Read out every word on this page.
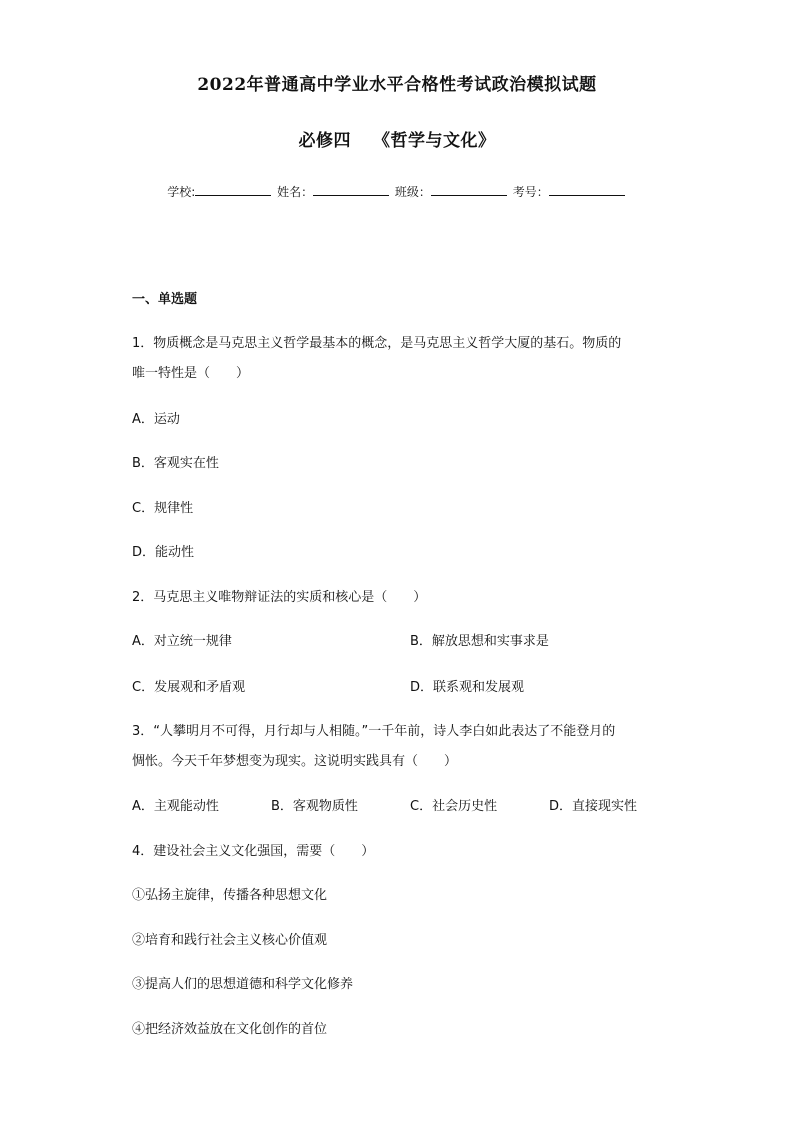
2022年普通高中学业水平合格性考试政治模拟试题
必修四 《哲学与文化》
学校:	姓名：	班级：	考号：
一、单选题
1．物质概念是马克思主义哲学最基本的概念，是马克思主义哲学大厦的基石。物质的
唯一特性是（　　）
A．运动
B．客观实在性
C．规律性
D．能动性
2．马克思主义唯物辩证法的实质和核心是（　　）
A．对立统一规律	B．解放思想和实事求是
C．发展观和矛盾观	D．联系观和发展观
3．“人攀明月不可得，月行却与人相随。”一千年前，诗人李白如此表达了不能登月的
惆怅。今天千年梦想变为现实。这说明实践具有（　　）
A．主观能动性	B．客观物质性	C．社会历史性	D．直接现实性
4．建设社会主义文化强国，需要（　　）
①弘扬主旋律，传播各种思想文化
②培育和践行社会主义核心价值观
③提高人们的思想道德和科学文化修养
④把经济效益放在文化创作的首位
